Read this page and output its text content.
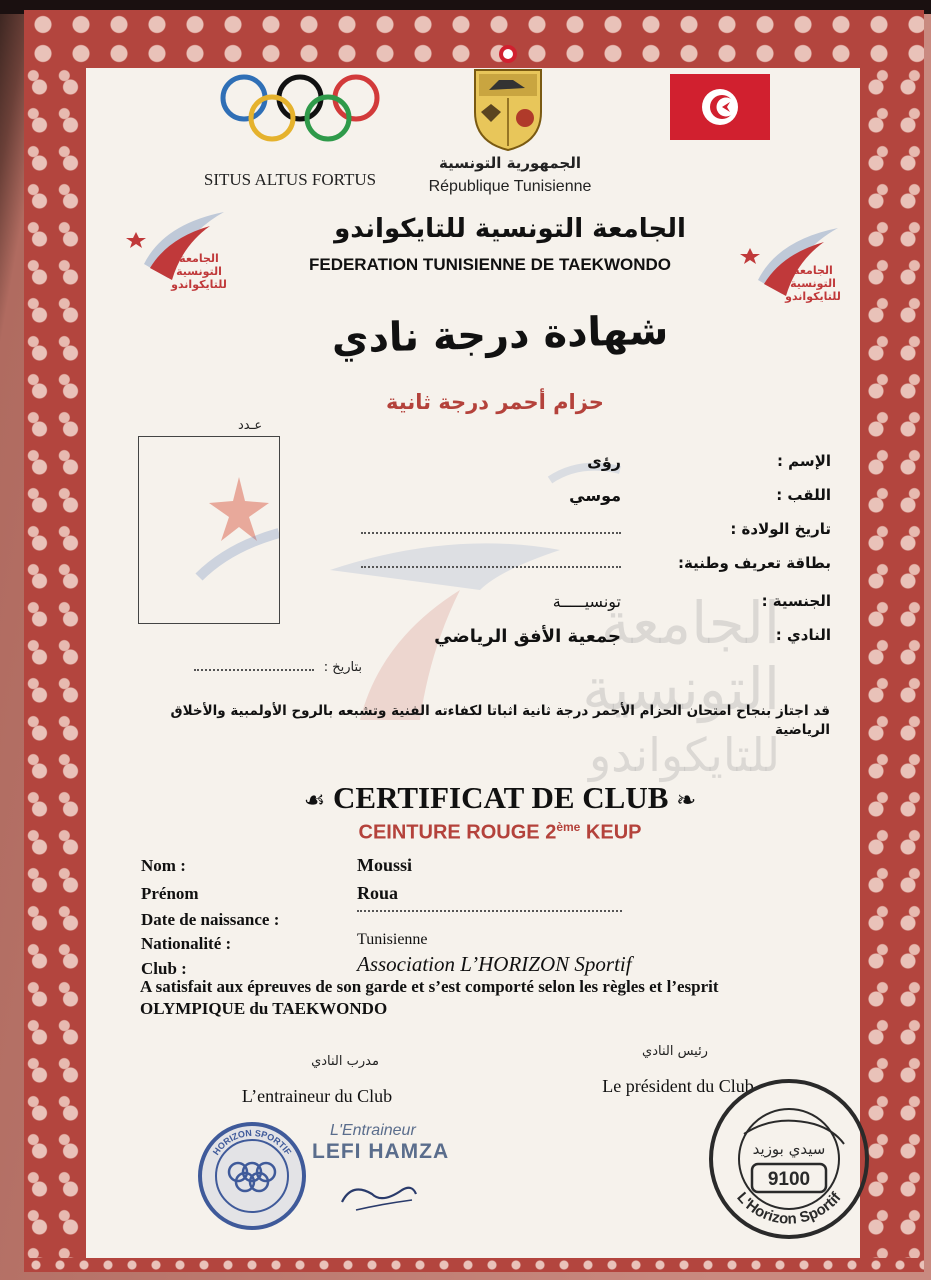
الجامعة
التونسية
للتايكواندو
SITUS ALTUS FORTUS
الجمهورية التونسية
République Tunisienne
الجامعة التونسية للتايكواندو
FEDERATION TUNISIENNE DE TAEKWONDO
الجامعة
التونسية
للتايكواندو
الجامعة
التونسية
للتايكواندو
شهادة درجة نادي
حزام أحمر درجة ثانية
عـدد
الإسم :
رؤى
اللقب :
موسي
تاريخ الولادة :
بطاقة تعريف وطنية:
الجنسية :
تونسيـــــة
النادي :
جمعية الأفق الرياضي
بتاريخ :
قد اجتاز بنجاح امتحان الحزام الأحمر درجة ثانية اثباتا لكفاءته الفنية وتشبعه بالروح الأولمبية والأخلاق الرياضية
☙ CERTIFICAT DE CLUB ❧
CEINTURE ROUGE 2ème KEUP
Nom :	Moussi
Prénom	Roua
Date de naissance :
Nationalité :	Tunisienne
Club :	Association L’HORIZON Sportif
A satisfait aux épreuves de son garde et s’est comporté selon les règles et l’esprit
OLYMPIQUE du TAEKWONDO
مدرب النادي
L’entraineur du Club
رئيس النادي
Le président du Club
HORIZON SPORTIF
L'Entraineur
LEFI HAMZA
L'Horizon Sportif
سيدي بوزيد
9100
